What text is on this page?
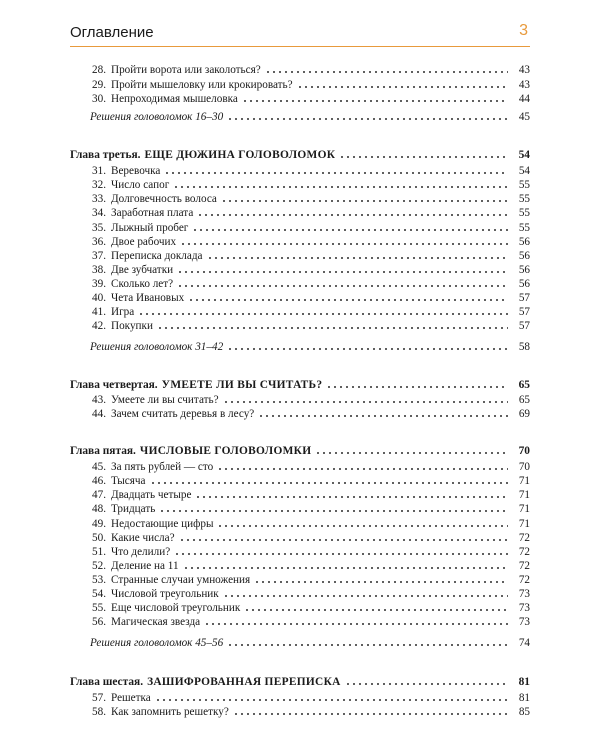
Оглавление	3
28. Пройти ворота или заколоться?	43
29. Пройти мышеловку или крокировать?	43
30. Непроходимая мышеловка	44
Решения головоломок 16–30	45
Глава третья. ЕЩЕ ДЮЖИНА ГОЛОВОЛОМОК	54
31. Веревочка	54
32. Число сапог	55
33. Долговечность волоса	55
34. Заработная плата	55
35. Лыжный пробег	55
36. Двое рабочих	56
37. Переписка доклада	56
38. Две зубчатки	56
39. Сколько лет?	56
40. Чета Ивановых	57
41. Игра	57
42. Покупки	57
Решения головоломок 31–42	58
Глава четвертая. УМЕЕТЕ ЛИ ВЫ СЧИТАТЬ?	65
43. Умеете ли вы считать?	65
44. Зачем считать деревья в лесу?	69
Глава пятая. ЧИСЛОВЫЕ ГОЛОВОЛОМКИ	70
45. За пять рублей — сто	70
46. Тысяча	71
47. Двадцать четыре	71
48. Тридцать	71
49. Недостающие цифры	71
50. Какие числа?	72
51. Что делили?	72
52. Деление на 11	72
53. Странные случаи умножения	72
54. Числовой треугольник	73
55. Еще числовой треугольник	73
56. Магическая звезда	73
Решения головоломок 45–56	74
Глава шестая. ЗАШИФРОВАННАЯ ПЕРЕПИСКА	81
57. Решетка	81
58. Как запомнить решетку?	85
